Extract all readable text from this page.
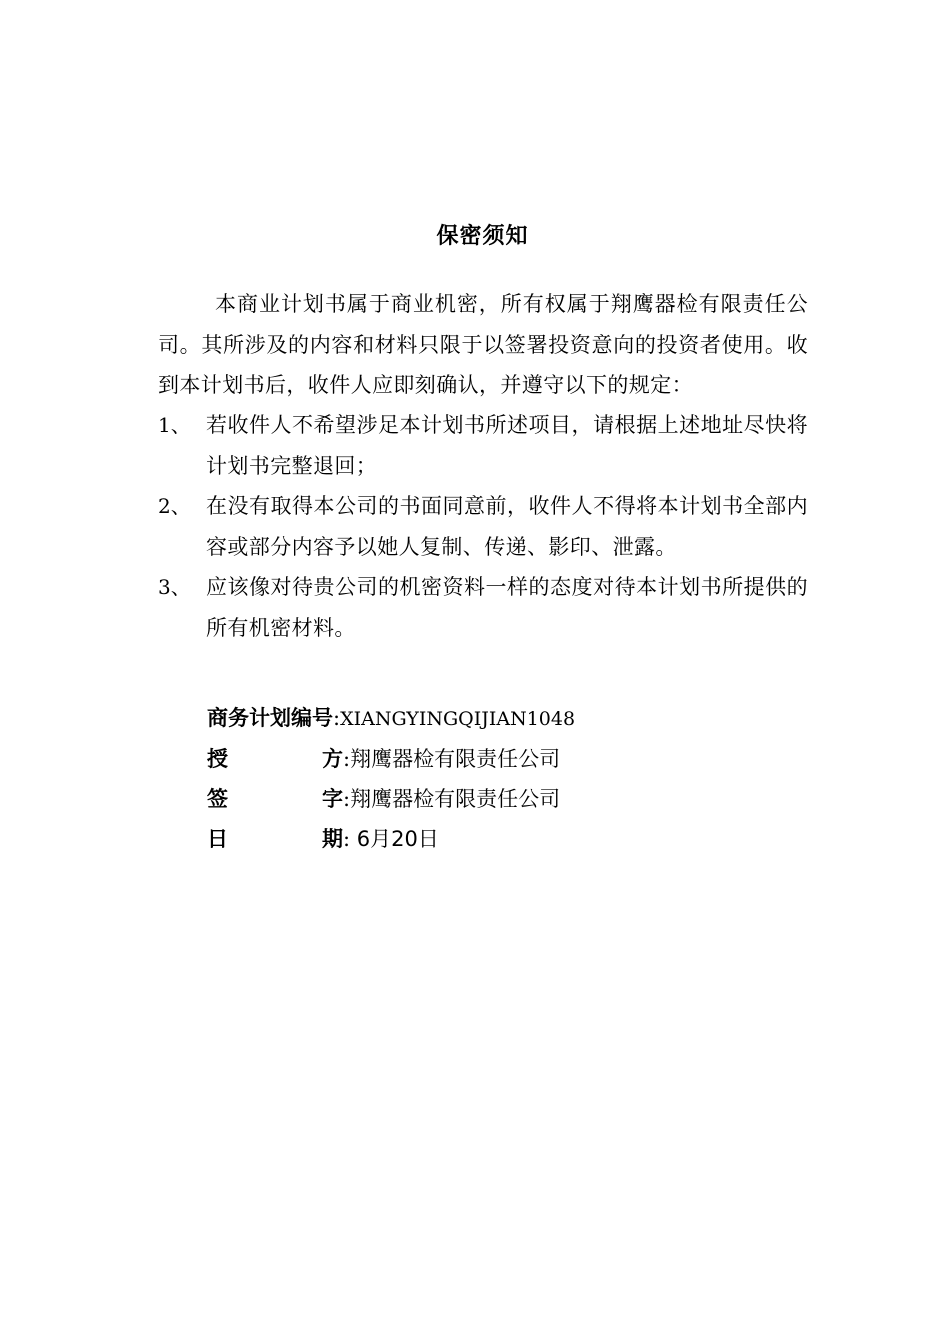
保密须知
本商业计划书属于商业机密，所有权属于翔鹰器检有限责任公司。其所涉及的内容和材料只限于以签署投资意向的投资者使用。收到本计划书后，收件人应即刻确认，并遵守以下的规定：
1、 若收件人不希望涉足本计划书所述项目，请根据上述地址尽快将计划书完整退回；
2、 在没有取得本公司的书面同意前，收件人不得将本计划书全部内容或部分内容予以她人复制、传递、影印、泄露。
3、 应该像对待贵公司的机密资料一样的态度对待本计划书所提供的所有机密材料。
商务计划编号 : XIANGYINGQIJIAN1048
授	方 : 翔鹰器检有限责任公司
签	字 : 翔鹰器检有限责任公司
日	期 : 6月20日
